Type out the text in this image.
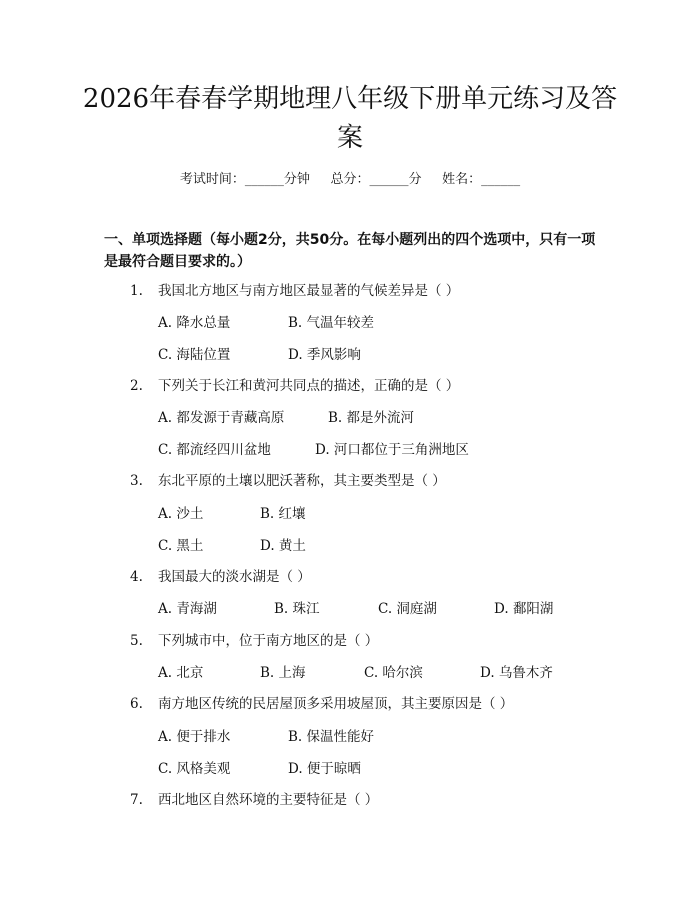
2026年春春学期地理八年级下册单元练习及答案
考试时间：______分钟     总分：______分     姓名：______
一、单项选择题（每小题2分，共50分。在每小题列出的四个选项中，只有一项是最符合题目要求的。）
1. 我国北方地区与南方地区最显著的气候差异是（ ）
A. 降水总量	B. 气温年较差
C. 海陆位置	D. 季风影响
2. 下列关于长江和黄河共同点的描述，正确的是（ ）
A. 都发源于青藏高原	B. 都是外流河
C. 都流经四川盆地	D. 河口都位于三角洲地区
3. 东北平原的土壤以肥沃著称，其主要类型是（ ）
A. 沙土	B. 红壤
C. 黑土	D. 黄土
4. 我国最大的淡水湖是（ ）
A. 青海湖	B. 珠江	C. 洞庭湖	D. 鄱阳湖
5. 下列城市中，位于南方地区的是（ ）
A. 北京	B. 上海	C. 哈尔滨	D. 乌鲁木齐
6. 南方地区传统的民居屋顶多采用坡屋顶，其主要原因是（ ）
A. 便于排水	B. 保温性能好
C. 风格美观	D. 便于晾晒
7. 西北地区自然环境的主要特征是（ ）
